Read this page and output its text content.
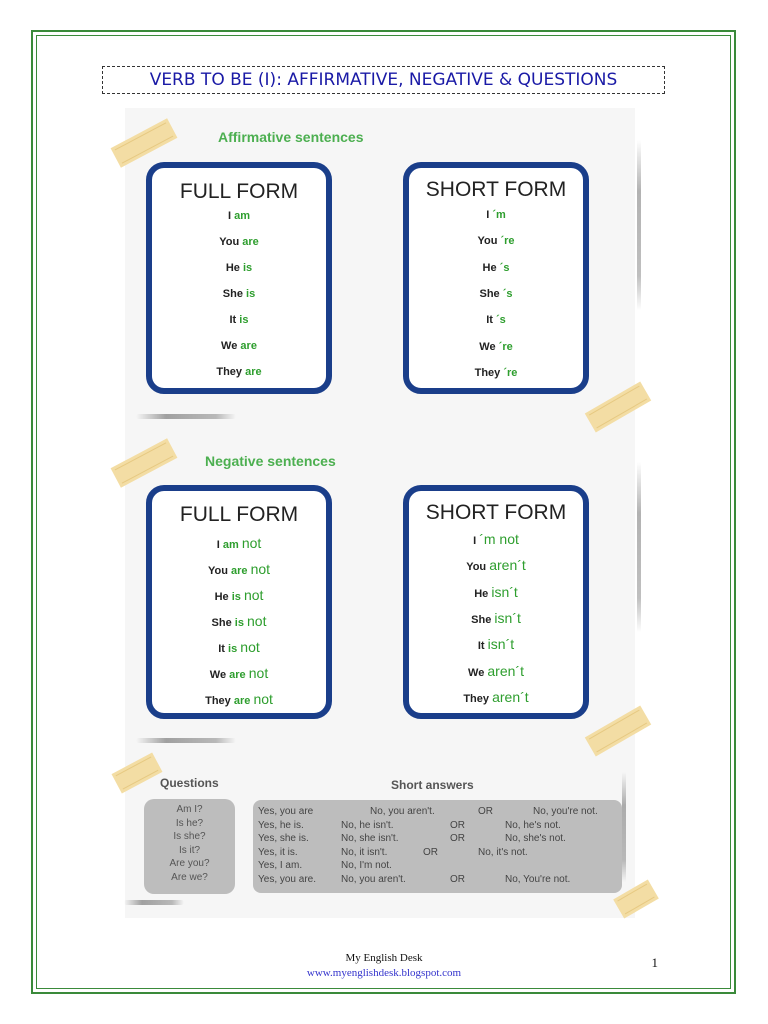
VERB TO BE (I): AFFIRMATIVE, NEGATIVE & QUESTIONS
Affirmative sentences
FULL FORM
I am
You are
He is
She is
It is
We are
They are
SHORT FORM
I ´m
You ´re
He ´s
She ´s
It ´s
We ´re
They ´re
Negative sentences
FULL FORM
I am not
You are not
He is not
She is not
It is not
We are not
They are not
SHORT FORM
I ´m not
You aren´t
He isn´t
She isn´t
It isn´t
We aren´t
They aren´t
Questions
Am I?
Is he?
Is she?
Is it?
Are you?
Are we?
Short answers
Yes, you are	No, you aren't.	OR	No, you're not.
Yes, he is.	No, he isn't.	OR	No, he's not.
Yes, she is.	No, she isn't.	OR	No, she's not.
Yes, it is.	No, it isn't.	OR	No, it's not.
Yes, I am.	No, I'm not.
Yes, you are. No, you aren't.	OR	No, You're not.
My English Desk
www.myenglishdesk.blogspot.com
1
